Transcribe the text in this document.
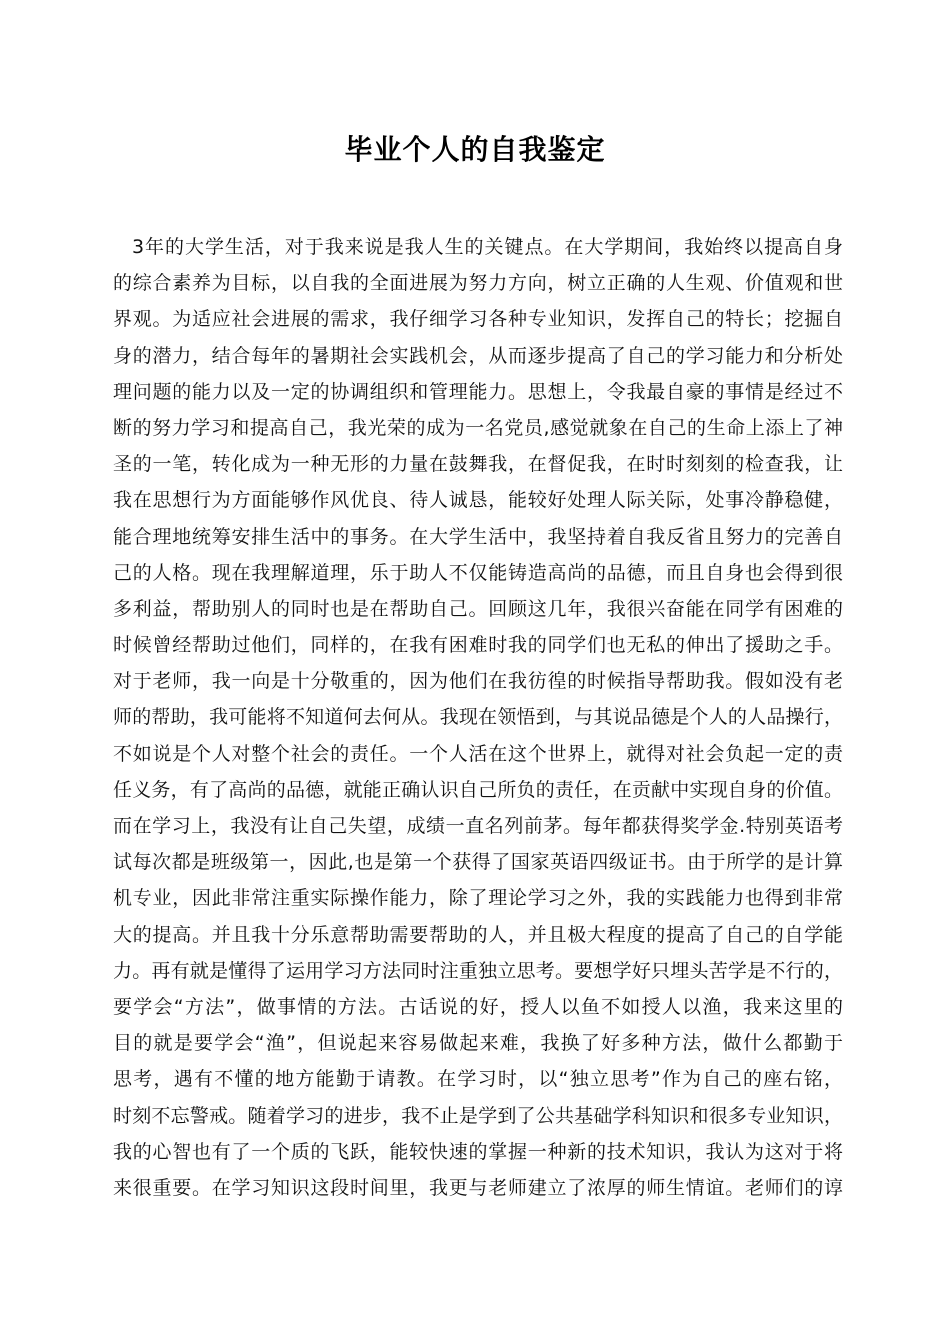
毕业个人的自我鉴定
3年的大学生活，对于我来说是我人生的关键点。在大学期间，我始终以提高自身
的综合素养为目标，以自我的全面进展为努力方向，树立正确的人生观、价值观和世
界观。为适应社会进展的需求，我仔细学习各种专业知识，发挥自己的特长；挖掘自
身的潜力，结合每年的暑期社会实践机会，从而逐步提高了自己的学习能力和分析处
理问题的能力以及一定的协调组织和管理能力。思想上，令我最自豪的事情是经过不
断的努力学习和提高自己，我光荣的成为一名党员,感觉就象在自己的生命上添上了神
圣的一笔，转化成为一种无形的力量在鼓舞我，在督促我，在时时刻刻的检查我，让
我在思想行为方面能够作风优良、待人诚恳，能较好处理人际关际，处事冷静稳健，
能合理地统筹安排生活中的事务。在大学生活中，我坚持着自我反省且努力的完善自
己的人格。现在我理解道理，乐于助人不仅能铸造高尚的品德，而且自身也会得到很
多利益，帮助别人的同时也是在帮助自己。回顾这几年，我很兴奋能在同学有困难的
时候曾经帮助过他们，同样的，在我有困难时我的同学们也无私的伸出了援助之手。
对于老师，我一向是十分敬重的，因为他们在我彷徨的时候指导帮助我。假如没有老
师的帮助，我可能将不知道何去何从。我现在领悟到，与其说品德是个人的人品操行，
不如说是个人对整个社会的责任。一个人活在这个世界上，就得对社会负起一定的责
任义务，有了高尚的品德，就能正确认识自己所负的责任，在贡献中实现自身的价值。
而在学习上，我没有让自己失望，成绩一直名列前茅。每年都获得奖学金.特别英语考
试每次都是班级第一，因此,也是第一个获得了国家英语四级证书。由于所学的是计算
机专业，因此非常注重实际操作能力，除了理论学习之外，我的实践能力也得到非常
大的提高。并且我十分乐意帮助需要帮助的人，并且极大程度的提高了自己的自学能
力。再有就是懂得了运用学习方法同时注重独立思考。要想学好只埋头苦学是不行的，
要学会“方法”，做事情的方法。古话说的好，授人以鱼不如授人以渔，我来这里的
目的就是要学会“渔”，但说起来容易做起来难，我换了好多种方法，做什么都勤于
思考，遇有不懂的地方能勤于请教。在学习时，以“独立思考”作为自己的座右铭，
时刻不忘警戒。随着学习的进步，我不止是学到了公共基础学科知识和很多专业知识，
我的心智也有了一个质的飞跃，能较快速的掌握一种新的技术知识，我认为这对于将
来很重要。在学习知识这段时间里，我更与老师建立了浓厚的师生情谊。老师们的谆
